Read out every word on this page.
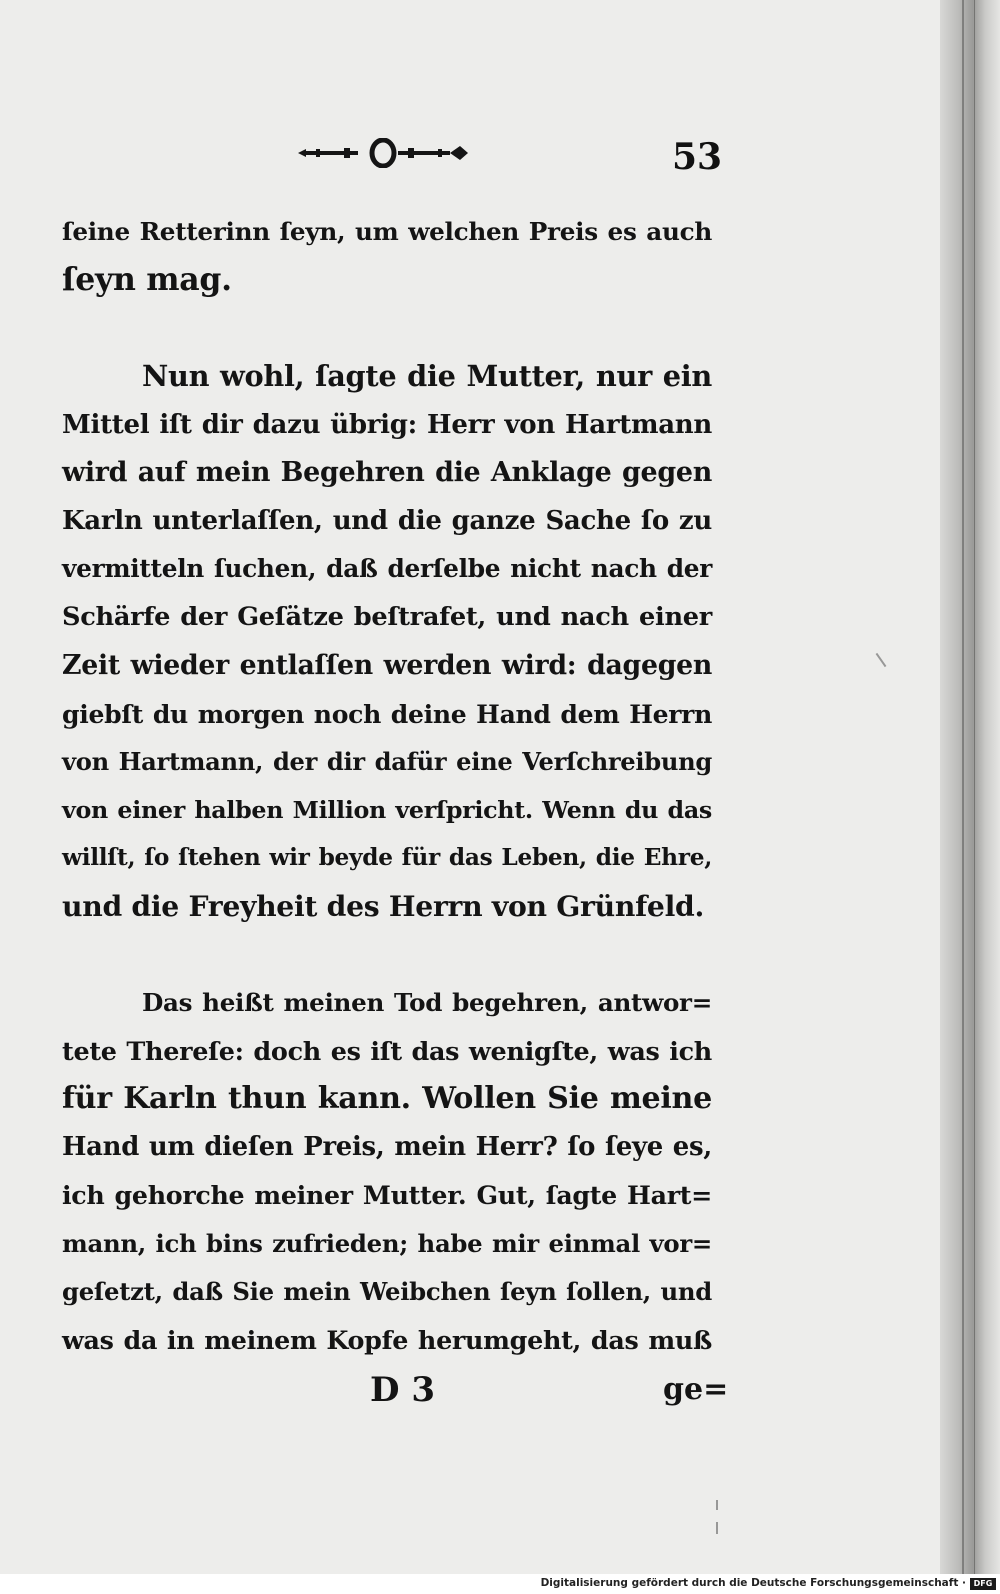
53
ſeine Retterinn ſeyn, um welchen Preis es auch
ſeyn mag.
Nun wohl, ſagte die Mutter, nur ein
Mittel iſt dir dazu übrig: Herr von Hartmann
wird auf mein Begehren die Anklage gegen
Karln unterlaſſen, und die ganze Sache ſo zu
vermitteln ſuchen, daß derſelbe nicht nach der
Schärfe der Geſätze beſtrafet, und nach einer
Zeit wieder entlaſſen werden wird: dagegen
giebſt du morgen noch deine Hand dem Herrn
von Hartmann, der dir dafür eine Verſchreibung
von einer halben Million verſpricht. Wenn du das
willſt, ſo ſtehen wir beyde für das Leben, die Ehre,
und die Freyheit des Herrn von Grünfeld.
Das heißt meinen Tod begehren, antwor=
tete Thereſe: doch es iſt das wenigſte, was ich
für Karln thun kann. Wollen Sie meine
Hand um dieſen Preis, mein Herr? ſo ſeye es,
ich gehorche meiner Mutter. Gut, ſagte Hart=
mann, ich bins zufrieden; habe mir einmal vor=
geſetzt, daß Sie mein Weibchen ſeyn ſollen, und
was da in meinem Kopfe herumgeht, das muß
D 3	ge=
Digitalisierung gefördert durch die Deutsche Forschungsgemeinschaft · DFG
